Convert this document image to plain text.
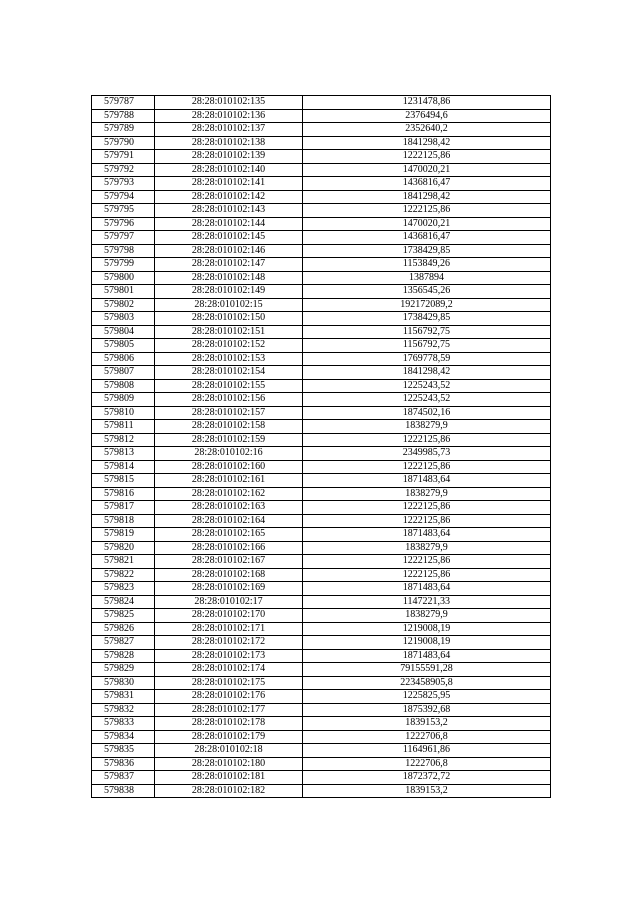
579787	28:28:010102:135	1231478,86
579788	28:28:010102:136	2376494,6
579789	28:28:010102:137	2352640,2
579790	28:28:010102:138	1841298,42
579791	28:28:010102:139	1222125,86
579792	28:28:010102:140	1470020,21
579793	28:28:010102:141	1436816,47
579794	28:28:010102:142	1841298,42
579795	28:28:010102:143	1222125,86
579796	28:28:010102:144	1470020,21
579797	28:28:010102:145	1436816,47
579798	28:28:010102:146	1738429,85
579799	28:28:010102:147	1153849,26
579800	28:28:010102:148	1387894
579801	28:28:010102:149	1356545,26
579802	28:28:010102:15	192172089,2
579803	28:28:010102:150	1738429,85
579804	28:28:010102:151	1156792,75
579805	28:28:010102:152	1156792,75
579806	28:28:010102:153	1769778,59
579807	28:28:010102:154	1841298,42
579808	28:28:010102:155	1225243,52
579809	28:28:010102:156	1225243,52
579810	28:28:010102:157	1874502,16
579811	28:28:010102:158	1838279,9
579812	28:28:010102:159	1222125,86
579813	28:28:010102:16	2349985,73
579814	28:28:010102:160	1222125,86
579815	28:28:010102:161	1871483,64
579816	28:28:010102:162	1838279,9
579817	28:28:010102:163	1222125,86
579818	28:28:010102:164	1222125,86
579819	28:28:010102:165	1871483,64
579820	28:28:010102:166	1838279,9
579821	28:28:010102:167	1222125,86
579822	28:28:010102:168	1222125,86
579823	28:28:010102:169	1871483,64
579824	28:28:010102:17	1147221,33
579825	28:28:010102:170	1838279,9
579826	28:28:010102:171	1219008,19
579827	28:28:010102:172	1219008,19
579828	28:28:010102:173	1871483,64
579829	28:28:010102:174	79155591,28
579830	28:28:010102:175	223458905,8
579831	28:28:010102:176	1225825,95
579832	28:28:010102:177	1875392,68
579833	28:28:010102:178	1839153,2
579834	28:28:010102:179	1222706,8
579835	28:28:010102:18	1164961,86
579836	28:28:010102:180	1222706,8
579837	28:28:010102:181	1872372,72
579838	28:28:010102:182	1839153,2
